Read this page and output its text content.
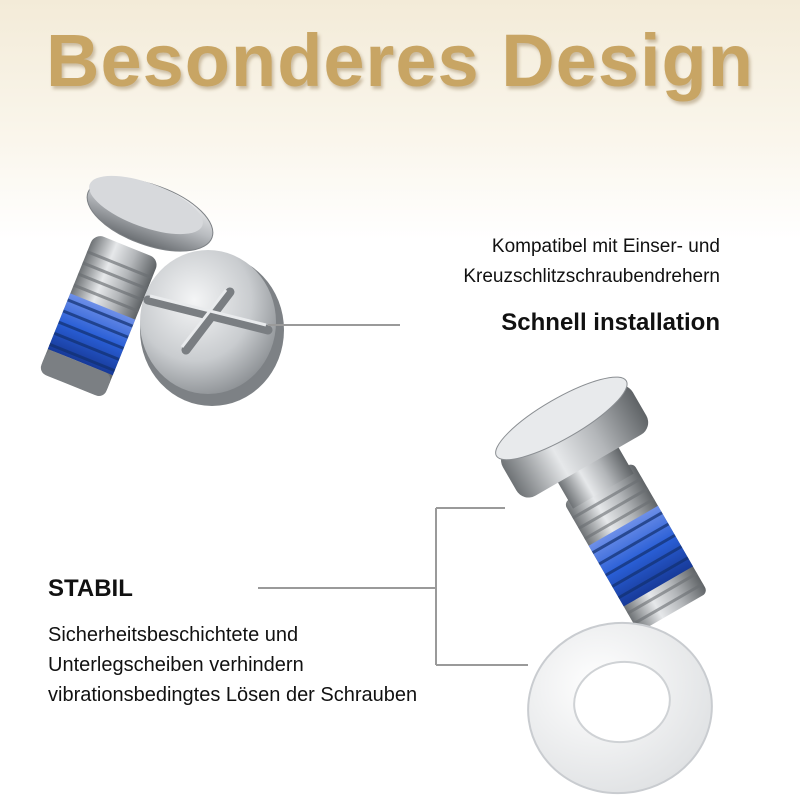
Besonderes Design
Kompatibel mit Einser- und
Kreuzschlitzschraubendrehern
Schnell installation
STABIL
Sicherheitsbeschichtete und
Unterlegscheiben verhindern
vibrationsbedingtes Lösen der Schrauben
